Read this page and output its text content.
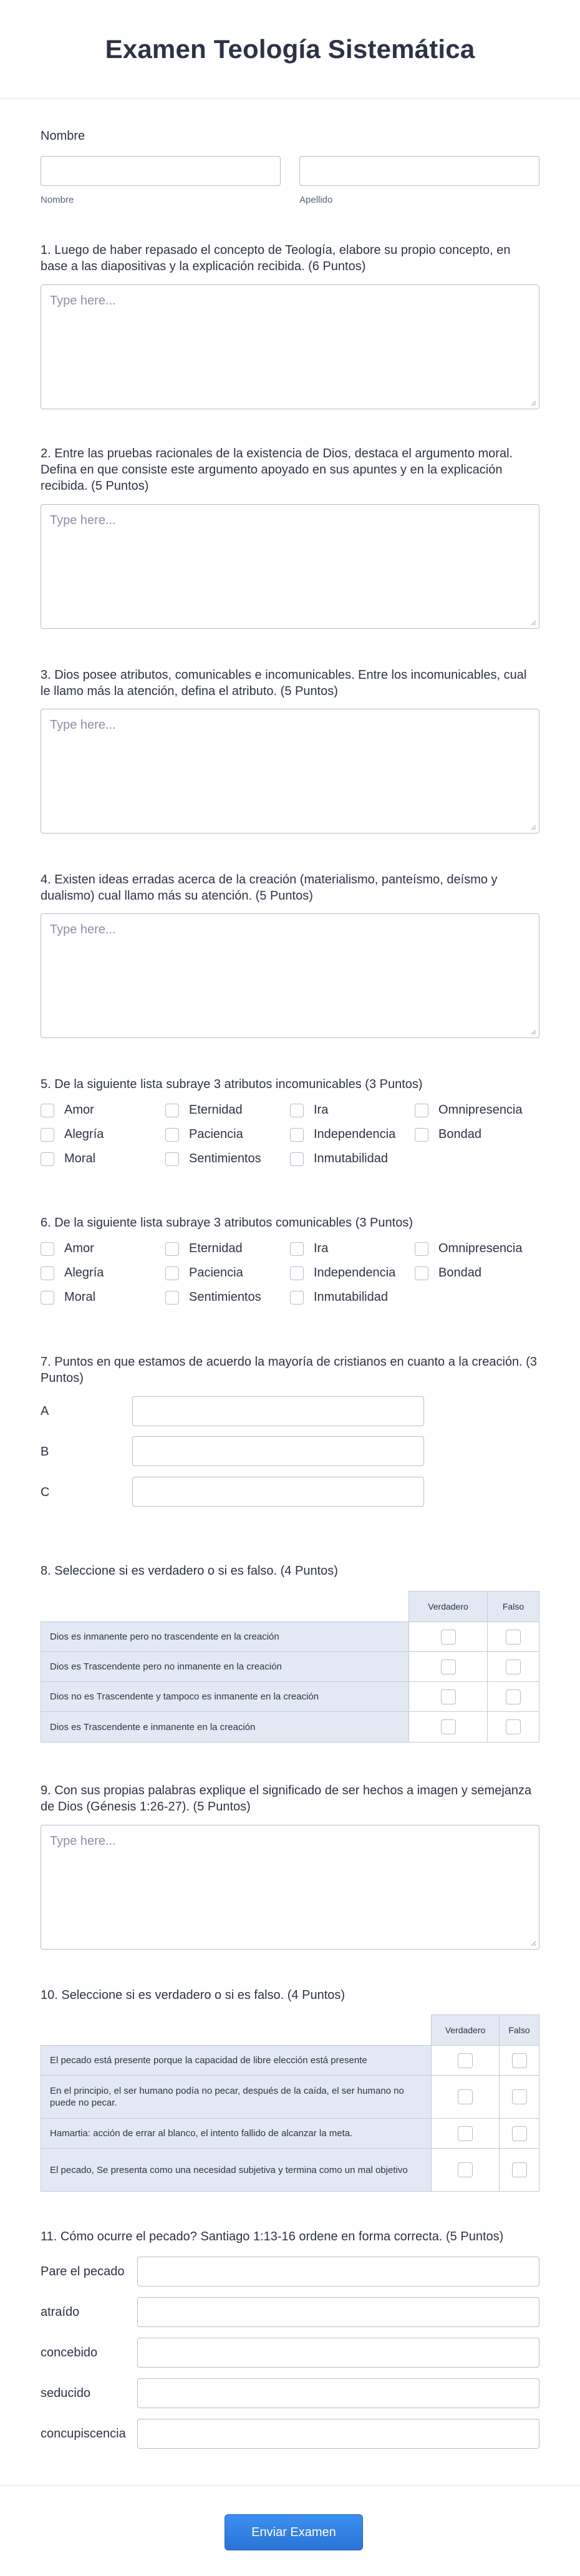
Examen Teología Sistemática
Nombre
Nombre	Apellido
1. Luego de haber repasado el concepto de Teología, elabore su propio concepto, en base a las diapositivas y la explicación recibida. (6 Puntos)
Type here...
2. Entre las pruebas racionales de la existencia de Dios, destaca el argumento moral. Defina en que consiste este argumento apoyado en sus apuntes y en la explicación recibida. (5 Puntos)
Type here...
3. Dios posee atributos, comunicables e incomunicables. Entre los incomunicables, cual le llamo más la atención, defina el atributo. (5 Puntos)
Type here...
4. Existen ideas erradas acerca de la creación (materialismo, panteísmo, deísmo y dualismo) cual llamo más su atención. (5 Puntos)
Type here...
5. De la siguiente lista subraye 3 atributos incomunicables (3 Puntos)
Amor	Eternidad	Ira	Omnipresencia
Alegría	Paciencia	Independencia	Bondad
Moral	Sentimientos	Inmutabilidad
6. De la siguiente lista subraye 3 atributos comunicables (3 Puntos)
Amor	Eternidad	Ira	Omnipresencia
Alegría	Paciencia	Independencia	Bondad
Moral	Sentimientos	Inmutabilidad
7. Puntos en que estamos de acuerdo la mayoría de cristianos en cuanto a la creación. (3 Puntos)
A
B
C
8. Seleccione si es verdadero o si es falso. (4 Puntos)
Verdadero	Falso
Dios es inmanente pero no trascendente en la creación
Dios es Trascendente pero no inmanente en la creación
Dios no es Trascendente y tampoco es inmanente en la creación
Dios es Trascendente e inmanente en la creación
9. Con sus propias palabras explique el significado de ser hechos a imagen y semejanza de Dios (Génesis 1:26-27). (5 Puntos)
Type here...
10. Seleccione si es verdadero o si es falso. (4 Puntos)
Verdadero	Falso
El pecado está presente porque la capacidad de libre elección está presente
En el principio, el ser humano podía no pecar, después de la caída, el ser humano no puede no pecar.
Hamartia: acción de errar al blanco, el intento fallido de alcanzar la meta.
El pecado, Se presenta como una necesidad subjetiva y termina como un mal objetivo
11. Cómo ocurre el pecado? Santiago 1:13-16 ordene en forma correcta. (5 Puntos)
Pare el pecado
atraído
concebido
seducido
concupiscencia
Enviar Examen
